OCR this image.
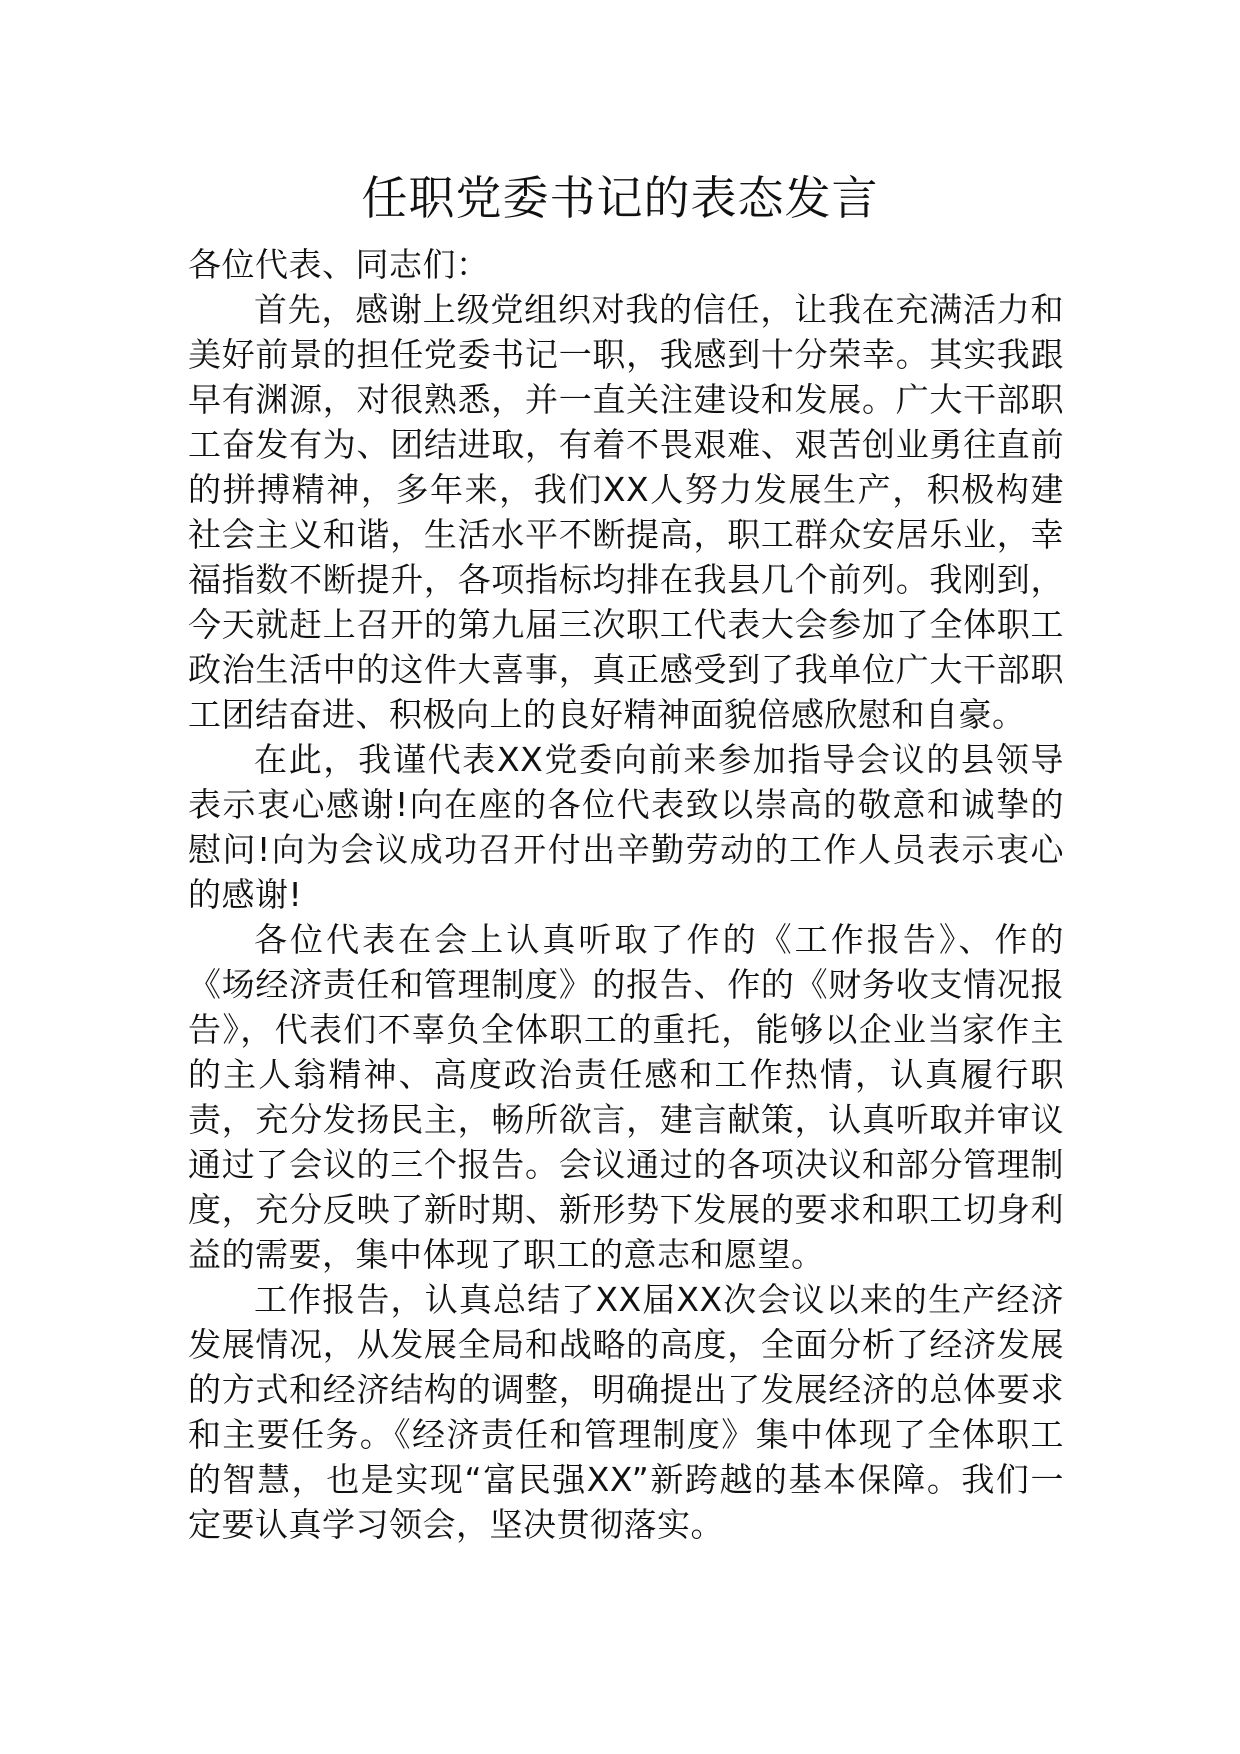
任职党委书记的表态发言

各位代表、同志们：

首先，感谢上级党组织对我的信任，让我在充满活力和美好前景的担任党委书记一职，我感到十分荣幸。其实我跟早有渊源，对很熟悉，并一直关注建设和发展。广大干部职工奋发有为、团结进取，有着不畏艰难、艰苦创业勇往直前的拼搏精神，多年来，我们XX人努力发展生产，积极构建社会主义和谐，生活水平不断提高，职工群众安居乐业，幸福指数不断提升，各项指标均排在我县几个前列。我刚到，今天就赶上召开的第九届三次职工代表大会参加了全体职工政治生活中的这件大喜事，真正感受到了我单位广大干部职工团结奋进、积极向上的良好精神面貌倍感欣慰和自豪。

在此，我谨代表XX党委向前来参加指导会议的县领导表示衷心感谢!向在座的各位代表致以崇高的敬意和诚挚的慰问!向为会议成功召开付出辛勤劳动的工作人员表示衷心的感谢!

各位代表在会上认真听取了作的《工作报告》、作的《场经济责任和管理制度》的报告、作的《财务收支情况报告》，代表们不辜负全体职工的重托，能够以企业当家作主的主人翁精神、高度政治责任感和工作热情，认真履行职责，充分发扬民主，畅所欲言，建言献策，认真听取并审议通过了会议的三个报告。会议通过的各项决议和部分管理制度，充分反映了新时期、新形势下发展的要求和职工切身利益的需要，集中体现了职工的意志和愿望。

工作报告，认真总结了XX届XX次会议以来的生产经济发展情况，从发展全局和战略的高度，全面分析了经济发展的方式和经济结构的调整，明确提出了发展经济的总体要求和主要任务。《经济责任和管理制度》集中体现了全体职工的智慧，也是实现“富民强XX”新跨越的基本保障。我们一定要认真学习领会，坚决贯彻落实。
